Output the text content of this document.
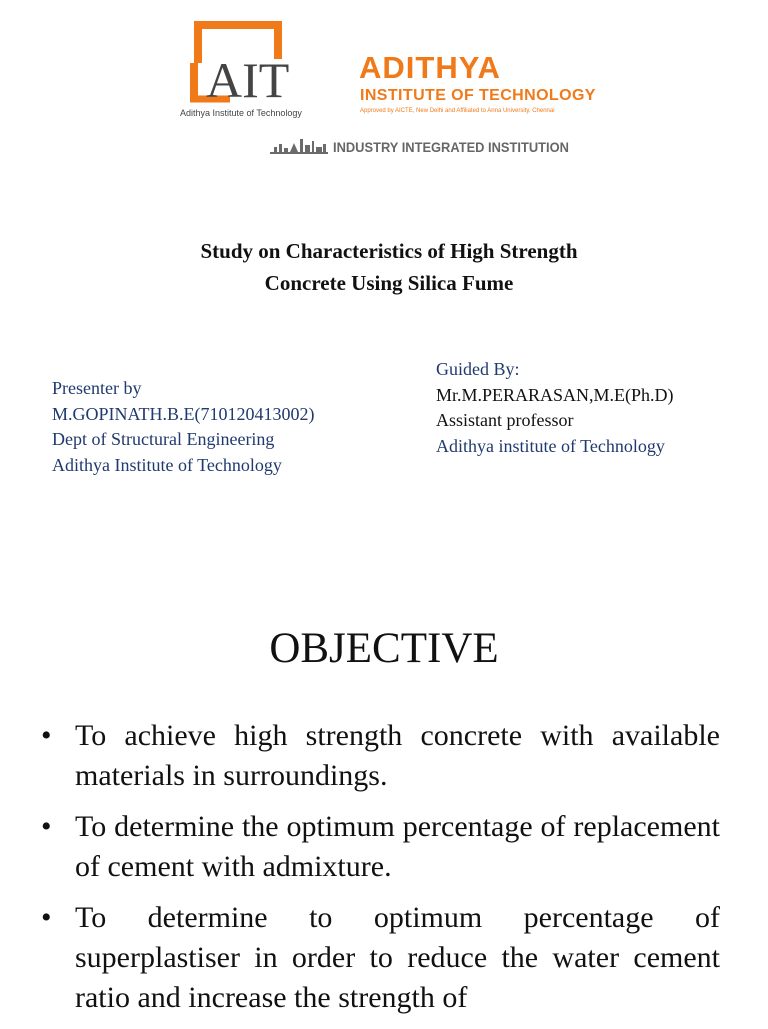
AIT
Adithya Institute of Technology
ADITHYA
INSTITUTE OF TECHNOLOGY
Approved by AICTE, New Delhi and Affiliated to Anna University, Chennai
INDUSTRY INTEGRATED INSTITUTION
Study on Characteristics of High Strength
Concrete Using Silica Fume
Presenter by
M.GOPINATH.B.E(710120413002)
Dept of Structural Engineering
Adithya Institute of Technology
Guided By:
Mr.M.PERARASAN,M.E(Ph.D)
Assistant professor
Adithya institute of Technology
OBJECTIVE
• To achieve high strength concrete with available materials in surroundings.
• To determine the optimum percentage of replacement of cement with admixture.
• To determine to optimum percentage of superplastiser in order to reduce the water cement ratio and increase the strength of
